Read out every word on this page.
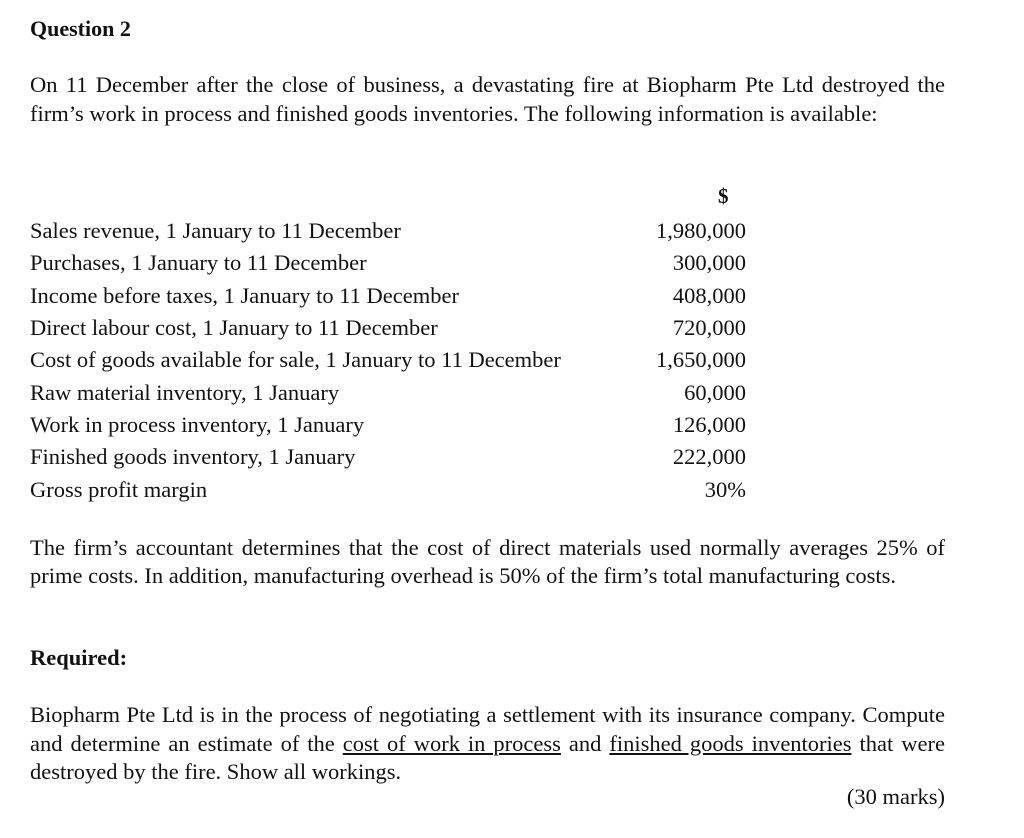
Question 2

On 11 December after the close of business, a devastating fire at Biopharm Pte Ltd destroyed the firm’s work in process and finished goods inventories. The following information is available:

$
Sales revenue, 1 January to 11 December	1,980,000
Purchases, 1 January to 11 December	300,000
Income before taxes, 1 January to 11 December	408,000
Direct labour cost, 1 January to 11 December	720,000
Cost of goods available for sale, 1 January to 11 December	1,650,000
Raw material inventory, 1 January	60,000
Work in process inventory, 1 January	126,000
Finished goods inventory, 1 January	222,000
Gross profit margin	30%

The firm’s accountant determines that the cost of direct materials used normally averages 25% of prime costs. In addition, manufacturing overhead is 50% of the firm’s total manufacturing costs.

Required:

Biopharm Pte Ltd is in the process of negotiating a settlement with its insurance company. Compute and determine an estimate of the cost of work in process and finished goods inventories that were destroyed by the fire. Show all workings.

(30 marks)
